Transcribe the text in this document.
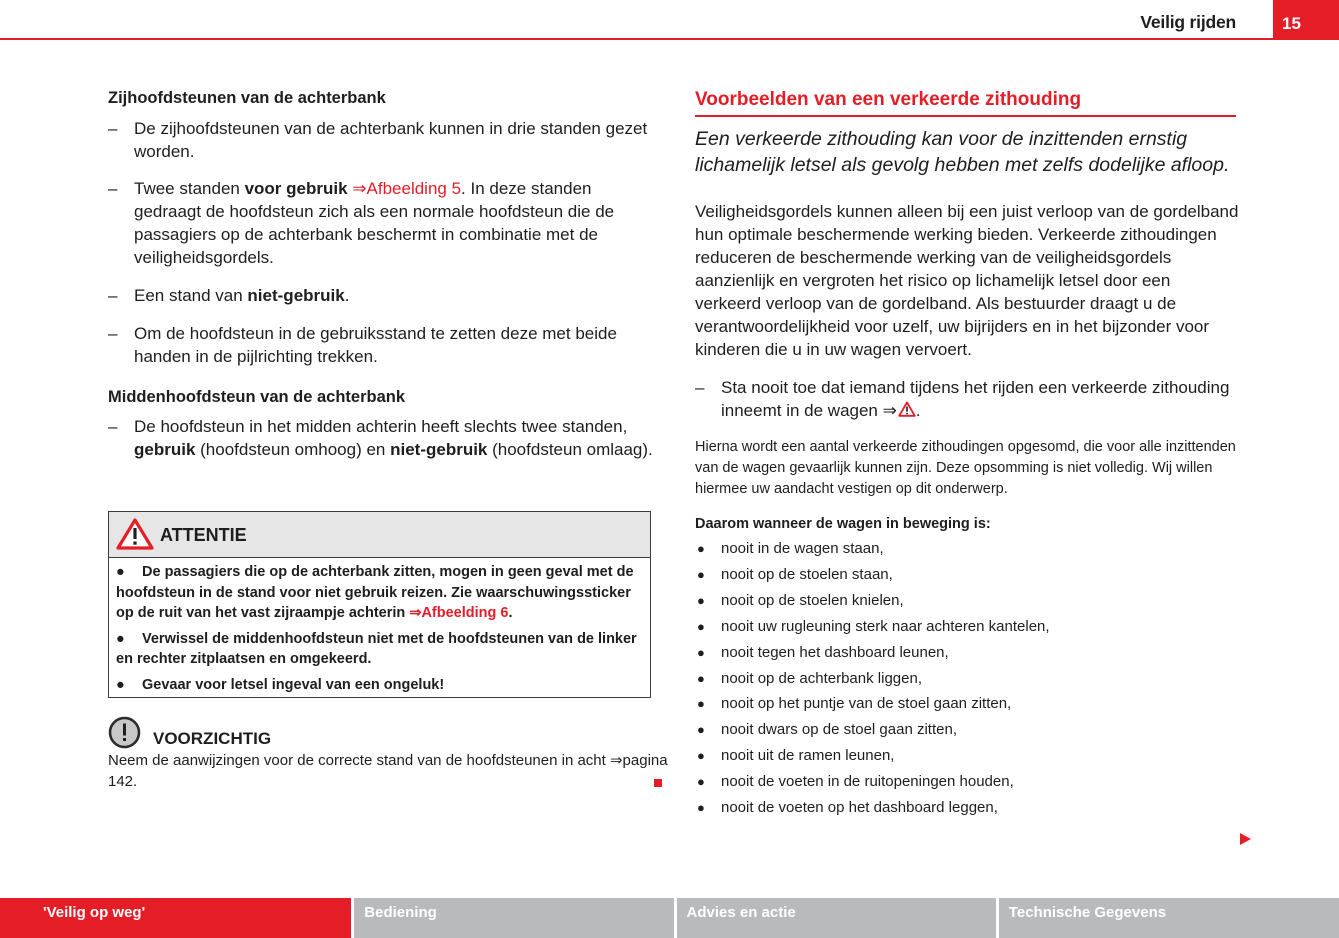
Veilig rijden	15
Zijhoofdsteunen van de achterbank
– De zijhoofdsteunen van de achterbank kunnen in drie standen gezet worden.
– Twee standen voor gebruik ⇒Afbeelding 5. In deze standen gedraagt de hoofdsteun zich als een normale hoofdsteun die de passagiers op de achterbank beschermt in combinatie met de veiligheidsgordels.
– Een stand van niet-gebruik.
– Om de hoofdsteun in de gebruiksstand te zetten deze met beide handen in de pijlrichting trekken.
Middenhoofdsteun van de achterbank
– De hoofdsteun in het midden achterin heeft slechts twee standen, gebruik (hoofdsteun omhoog) en niet-gebruik (hoofdsteun omlaag).
ATTENTIE
● De passagiers die op de achterbank zitten, mogen in geen geval met de hoofdsteun in de stand voor niet gebruik reizen. Zie waarschuwingssticker op de ruit van het vast zijraampje achterin ⇒Afbeelding 6.
● Verwissel de middenhoofdsteun niet met de hoofdsteunen van de linker en rechter zitplaatsen en omgekeerd.
● Gevaar voor letsel ingeval van een ongeluk!
VOORZICHTIG
Neem de aanwijzingen voor de correcte stand van de hoofdsteunen in acht ⇒pagina 142.
Voorbeelden van een verkeerde zithouding
Een verkeerde zithouding kan voor de inzittenden ernstig lichamelijk letsel als gevolg hebben met zelfs dodelijke afloop.
Veiligheidsgordels kunnen alleen bij een juist verloop van de gordelband hun optimale beschermende werking bieden. Verkeerde zithoudingen reduceren de beschermende werking van de veiligheidsgordels aanzienlijk en vergroten het risico op lichamelijk letsel door een verkeerd verloop van de gordelband. Als bestuurder draagt u de verantwoordelijkheid voor uzelf, uw bijrijders en in het bijzonder voor kinderen die u in uw wagen vervoert.
– Sta nooit toe dat iemand tijdens het rijden een verkeerde zithouding inneemt in de wagen ⇒ .
Hierna wordt een aantal verkeerde zithoudingen opgesomd, die voor alle inzittenden van de wagen gevaarlijk kunnen zijn. Deze opsomming is niet volledig. Wij willen hiermee uw aandacht vestigen op dit onderwerp.
Daarom wanneer de wagen in beweging is:
● nooit in de wagen staan,
● nooit op de stoelen staan,
● nooit op de stoelen knielen,
● nooit uw rugleuning sterk naar achteren kantelen,
● nooit tegen het dashboard leunen,
● nooit op de achterbank liggen,
● nooit op het puntje van de stoel gaan zitten,
● nooit dwars op de stoel gaan zitten,
● nooit uit de ramen leunen,
● nooit de voeten in de ruitopeningen houden,
● nooit de voeten op het dashboard leggen,
'Veilig op weg'	Bediening	Advies en actie	Technische Gegevens
